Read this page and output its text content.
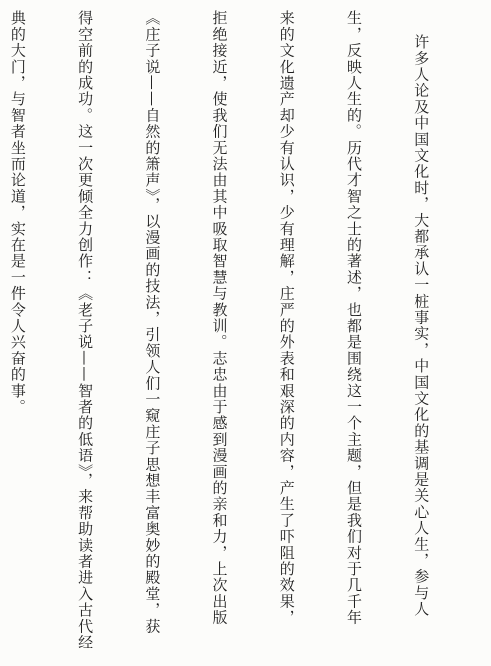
许多人论及中国文化时，大都承认一桩事实，中国文化的基调是关心人生，参与人

生，反映人生的。历代才智之士的著述，也都是围绕这一个主题，但是我们对于几千年

来的文化遗产却少有认识，少有理解，庄严的外表和艰深的内容，产生了吓阻的效果，

拒绝接近，使我们无法由其中吸取智慧与教训。志忠由于感到漫画的亲和力，上次出版

《庄子说——自然的箫声》，以漫画的技法，引领人们一窥庄子思想丰富奥妙的殿堂，获

得空前的成功。这一次更倾全力创作：《老子说——智者的低语》，来帮助读者进入古代经

典的大门，与智者坐而论道，实在是一件令人兴奋的事。
